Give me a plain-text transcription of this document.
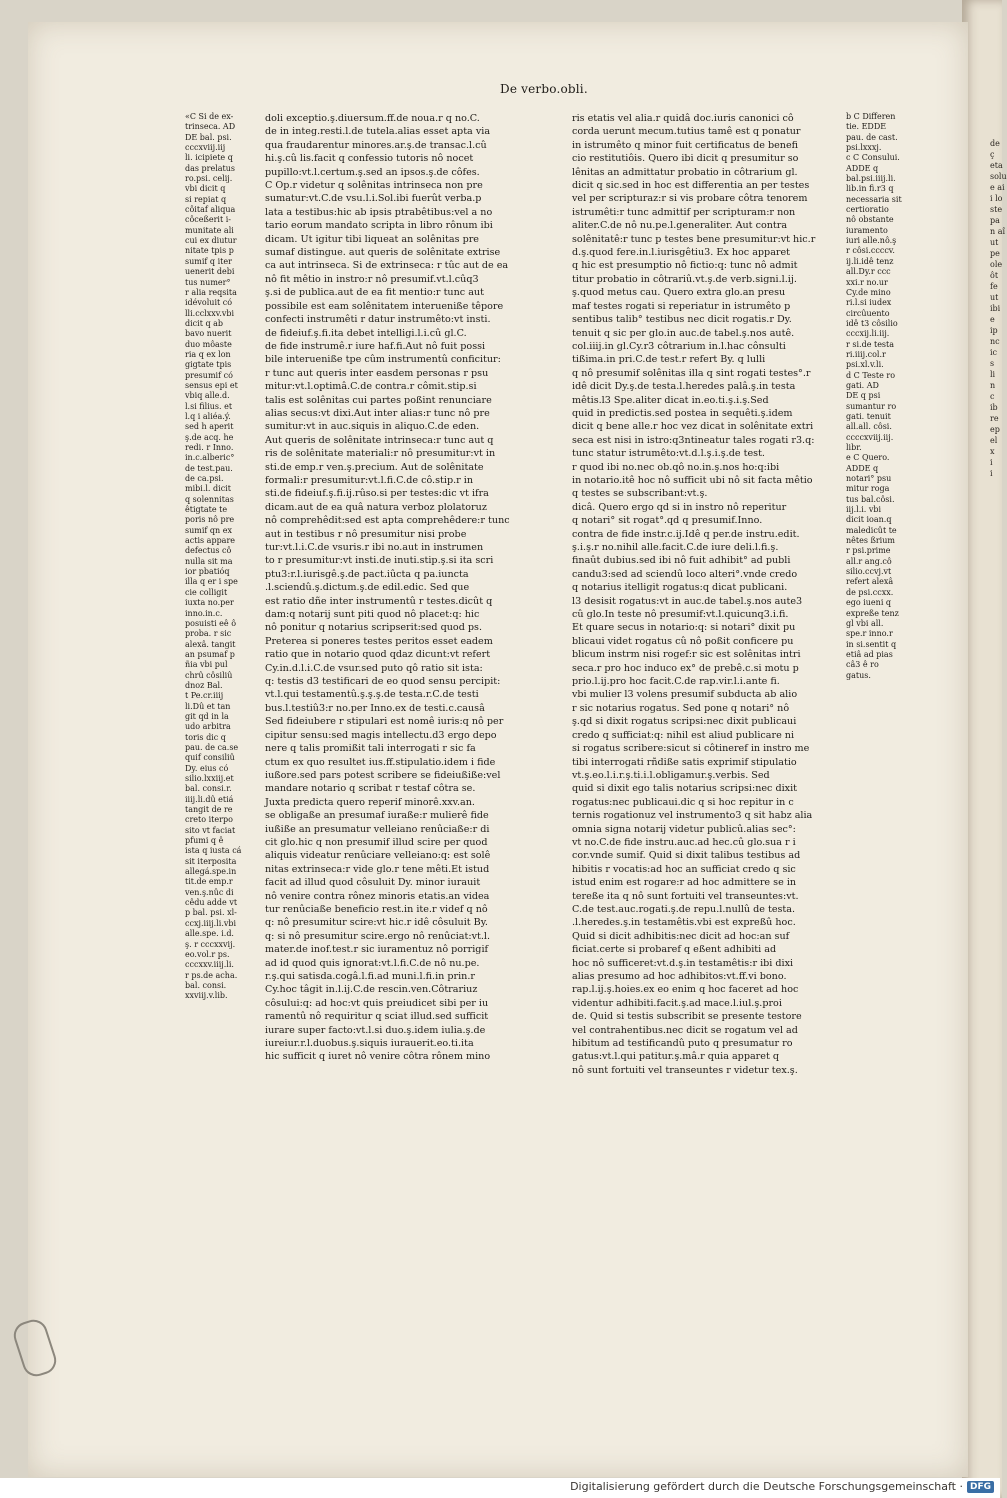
de

ç

eta

solu

e ai

i lo

ste

pa

n aî

ut

pe

ole

ôt

fe

ut

ibi

e

ip

nc

ic

s

li

n

c

ib

re

ep

el

x

i

i

De verbo.obli.

«C Si de ex-

trinseca. AD

DE bal. psi.

cccxviij.iij

li. icipiete q

das prelatus

ro.psi. celij.

vbi dicit q

si repiat q

côitaf aliqua

côceßerit i-

munitate ali

cui ex diutur

nitate tpis p

sumif q iter

uenerit debi

tus numer°

r alia reqsita

idévoluit có

lli.cclxxv.vbi

dicit q ab

bavo nuerit

duo môaste

ria q ex lon

gigtate tpis

presumif có

sensus epi et

vbiq alle.d.

l.si filius. et

l.q i aliéa.ý.

sed h aperit

ş.de acq. he

redi. r Inno.

in.c.alberic°

de test.pau.

de ca.psi.

mibi.l. dicit

q solennitas

êtigtate te

poris nô pre

sumif qn ex

actis appare

defectus cô

nulla sit ma

ior pbatióq

illa q er i spe

cie colligit

iuxta no.per

inno.in.c.

posuisti eê ô

proba. r sic

alexâ. tangit

an psumaf p

ñia vbi pul

chrû côsiliû

dnoz Bal.

t Pe.cr.iiij

li.Dû et tan

git qd in la

udo arbitra

toris dic q

pau. de ca.se

quif consiliû

Dy. eius có

silio.lxxiij.et

bal. consi.r.

iiij.li.dû etiá

tangit de re

creto iterpo

sito vt faciat

pfumi q ê

ista q iusta cá

sit iterposita

allegá.spe.in

tit.de emp.r

ven.ş.nûc di

cêdu adde vt

p bal. psi. xl-

ccxj.iiij.li.vbi

alle.spe. i.d.

ş. r cccxxvij.

eo.vol.r ps.

cccxxv.iiij.li.

r ps.de acha.

bal. consi.

xxviij.v.lib.

doli exceptio.ş.diuersum.ff.de noua.r q no.C.

de in integ.resti.l.de tutela.alias esset apta via

qua fraudarentur minores.ar.ş.de transac.l.cû

hi.ş.cû lis.facit q confessio tutoris nô nocet

pupillo:vt.l.certum.ş.sed an ipsos.ş.de côfes.

C Op.r videtur q solênitas intrinseca non pre

sumatur:vt.C.de vsu.l.i.Sol.ibi fuerût verba.p

lata a testibus:hic ab ipsis ptrabêtibus:vel a no

tario eorum mandato scripta in libro rônum ibi

dicam. Ut igitur tibi liqueat an solênitas pre

sumaf distingue. aut queris de solênitate extrise

ca aut intrinseca. Si de extrinseca: r tûc aut de ea

nô fit mêtio in instro:r nô presumif.vt.l.cûq3

ş.si de publica.aut de ea fit mentio:r tunc aut

possibile est eam solênitatem interueniße têpore

confecti instrumêti r datur instrumêto:vt insti.

de fideiuf.ş.fi.ita debet intelligi.l.i.cû gl.C.

de fide instrumê.r iure haf.fi.Aut nô fuit possi

bile interueniße tpe cûm instrumentû conficitur:

r tunc aut queris inter easdem personas r psu

mitur:vt.l.optimâ.C.de contra.r cômit.stip.si

talis est solênitas cui partes poßint renunciare

alias secus:vt dixi.Aut inter alias:r tunc nô pre

sumitur:vt in auc.siquis in aliquo.C.de eden.

Aut queris de solênitate intrinseca:r tunc aut q

ris de solênitate materiali:r nô presumitur:vt in

sti.de emp.r ven.ş.precium. Aut de solênitate

formali:r presumitur:vt.l.fi.C.de cô.stip.r in

sti.de fideiuf.ş.fi.ij.rûso.si per testes:dic vt ifra

dicam.aut de ea quâ natura verboz plolatoruz

nô comprehêdit:sed est apta comprehêdere:r tunc

aut in testibus r nô presumitur nisi probe

tur:vt.l.i.C.de vsuris.r ibi no.aut in instrumen

to r presumitur:vt insti.de inuti.stip.ş.si ita scri

ptu3:r.l.iurisgê.ş.de pact.iûcta q pa.iuncta

.l.sciendû.ş.dictum.ş.de edil.edic. Sed que

est ratio dñe inter instrumentû r testes.dicût q

dam:q notarij sunt piti quod nô placet:q: hic

nô ponitur q notarius scripserit:sed quod ps.

Preterea si poneres testes peritos esset eadem

ratio que in notario quod qdaz dicunt:vt refert

Cy.in.d.l.i.C.de vsur.sed puto qô ratio sit ista:

q: testis d3 testificari de eo quod sensu percipit:

vt.l.qui testamentû.ş.ş.ş.de testa.r.C.de testi

bus.l.testiû3:r no.per Inno.ex de testi.c.causâ

Sed fideiubere r stipulari est nomê iuris:q nô per

cipitur sensu:sed magis intellectu.d3 ergo depo

nere q talis promißit tali interrogati r sic fa

ctum ex quo resultet ius.ff.stipulatio.idem i fide

iußore.sed pars potest scribere se fideiußiße:vel

mandare notario q scribat r testaf côtra se.

Juxta predicta quero reperif minorê.xxv.an.

se obligaße an presumaf iuraße:r mulierê fide

iußiße an presumatur velleiano renûciaße:r di

cit glo.hic q non presumif illud scire per quod

aliquis videatur renûciare velleiano:q: est solê

nitas extrinseca:r vide glo.r tene mêti.Et istud

facit ad illud quod côsuluit Dy. minor iurauit

nô venire contra rônez minoris etatis.an videa

tur renûciaße beneficio rest.in ite.r videf q nô

q: nô presumitur scire:vt hic.r idê côsuluit By.

q: si nô presumitur scire.ergo nô renûciat:vt.l.

mater.de inof.test.r sic iuramentuz nô porrigif

ad id quod quis ignorat:vt.l.fi.C.de nô nu.pe.

r.ş.qui satisda.cogâ.l.fi.ad muni.l.fi.in prin.r

Cy.hoc tâgit in.l.ij.C.de rescin.ven.Côtrariuz

côsului:q: ad hoc:vt quis preiudicet sibi per iu

ramentû nô requiritur q sciat illud.sed sufficit

iurare super facto:vt.l.si duo.ş.idem iulia.ş.de

iureiur.r.l.duobus.ş.siquis iurauerit.eo.ti.ita

hic sufficit q iuret nô venire côtra rônem mino

ris etatis vel alia.r quidâ doc.iuris canonici cô

corda uerunt mecum.tutius tamê est q ponatur

in istrumêto q minor fuit certificatus de benefi

cio restitutiôis. Quero ibi dicit q presumitur so

lênitas an admittatur probatio in côtrarium gl.

dicit q sic.sed in hoc est differentia an per testes

vel per scripturaz:r si vis probare côtra tenorem

istrumêti:r tunc admittif per scripturam:r non

aliter.C.de nô nu.pe.l.generaliter. Aut contra

solênitatê:r tunc p testes bene presumitur:vt hic.r

d.ş.quod fere.in.l.iurisgêtiu3. Ex hoc apparet

q hic est presumptio nô fictio:q: tunc nô admit

titur probatio in côtrariû.vt.ş.de verb.signi.l.ij.

ş.quod metus cau. Quero extra glo.an presu

maf testes rogati si reperiatur in istrumêto p

sentibus talib° testibus nec dicit rogatis.r Dy.

tenuit q sic per glo.in auc.de tabel.ş.nos autê.

col.iiij.in gl.Cy.r3 côtrarium in.l.hac cônsulti

tißima.in pri.C.de test.r refert By. q lulli

q nô presumif solênitas illa q sint rogati testes°.r

idê dicit Dy.ş.de testa.l.heredes palâ.ş.in testa

mêtis.l3 Spe.aliter dicat in.eo.ti.ş.i.ş.Sed

quid in predictis.sed postea in sequêti.ş.idem

dicit q bene alle.r hoc vez dicat in solênitate extri

seca est nisi in istro:q3ntineatur tales rogati r3.q:

tunc statur istrumêto:vt.d.l.ş.i.ş.de test.

r quod ibi no.nec ob.qô no.in.ş.nos ho:q:ibi

in notario.itê hoc nô sufficit ubi nô sit facta mêtio

q testes se subscribant:vt.ş.

dicâ. Quero ergo qd si in instro nô reperitur

q notari° sit rogat°.qd q presumif.Inno.

contra de fide instr.c.ij.Idê q per.de instru.edit.

ş.i.ş.r no.nihil alle.facit.C.de iure deli.l.fi.ş.

finaût dubius.sed ibi nô fuit adhibit° ad publi

candu3:sed ad sciendû loco alteri°.vnde credo

q notarius itelligit rogatus:q dicat publicani.

l3 desisit rogatus:vt in auc.de tabel.ş.nos aute3

cû glo.In teste nô presumif:vt.l.quicunq3.i.fi.

Et quare secus in notario:q: si notari° dixit pu

blicaui videt rogatus cû nô poßit conficere pu

blicum instrm nisi rogef:r sic est solênitas intri

seca.r pro hoc induco ex° de prebê.c.si motu p

prio.l.ij.pro hoc facit.C.de rap.vir.l.i.ante fi.

vbi mulier l3 volens presumif subducta ab alio

r sic notarius rogatus. Sed pone q notari° nô

ş.qd si dixit rogatus scripsi:nec dixit publicaui

credo q sufficiat:q: nihil est aliud publicare ni

si rogatus scribere:sicut si côtineref in instro me

tibi interrogati rñdiße satis exprimif stipulatio

vt.ş.eo.l.i.r.ş.ti.i.l.obligamur.ş.verbis. Sed

quid si dixit ego talis notarius scripsi:nec dixit

rogatus:nec publicaui.dic q si hoc repitur in c

ternis rogationuz vel instrumento3 q sit habz alia

omnia signa notarij videtur publicû.alias sec°:

vt no.C.de fide instru.auc.ad hec.cû glo.sua r i

cor.vnde sumif. Quid si dixit talibus testibus ad

hibitis r vocatis:ad hoc an sufficiat credo q sic

istud enim est rogare:r ad hoc admittere se in

tereße ita q nô sunt fortuiti vel transeuntes:vt.

C.de test.auc.rogati.ş.de repu.l.nullû de testa.

.l.heredes.ş.in testamêtis.vbi est expreßû hoc.

Quid si dicit adhibitis:nec dicit ad hoc:an suf

ficiat.certe si probaref q eßent adhibiti ad

hoc nô sufficeret:vt.d.ş.in testamêtis:r ibi dixi

alias presumo ad hoc adhibitos:vt.ff.vi bono.

rap.l.ij.ş.hoies.ex eo enim q hoc faceret ad hoc

videntur adhibiti.facit.ş.ad mace.l.iul.ş.proi

de. Quid si testis subscribit se presente testore

vel contrahentibus.nec dicit se rogatum vel ad

hibitum ad testificandû puto q presumatur ro

gatus:vt.l.qui patitur.ş.mâ.r quia apparet q

nô sunt fortuiti vel transeuntes r videtur tex.ş.

b C Differen

tie. EDDE

pau. de cast.

psi.lxxxj.

c C Consului.

ADDE q

bal.psi.iiij.li.

lib.in fi.r3 q

necessaria sit

certioratio

nô obstante

iuramento

iuri alle.nô.ş

r côsi.ccccv.

ij.li.idê tenz

all.Dy.r ccc

xxi.r no.ur

Cy.de mino

ri.l.si iudex

circûuento

idê t3 côsilio

cccxij.li.iij.

r si.de testa

ri.iiij.col.r

psi.xl.v.li.

d C Teste ro

gati. AD

DE q psi

sumantur ro

gati. tenuit

all.all. côsi.

ccccxviij.iij.

libr.

e C Quero.

ADDE q

notari° psu

mitur roga

tus bal.côsi.

iij.l.i. vbi

dicit ioan.q

maledicût te

nêtes ßrium

r psi.prime

all.r ang.cô

silio.ccvj.vt

refert alexâ

de psi.ccxx.

ego iueni q

expreße tenz

gl vbi all.

spe.r inno.r

in si.sentit q

etiâ ad pias

câ3 ê ro

gatus.

Digitalisierung gefördert durch die Deutsche Forschungsgemeinschaft · DFG
